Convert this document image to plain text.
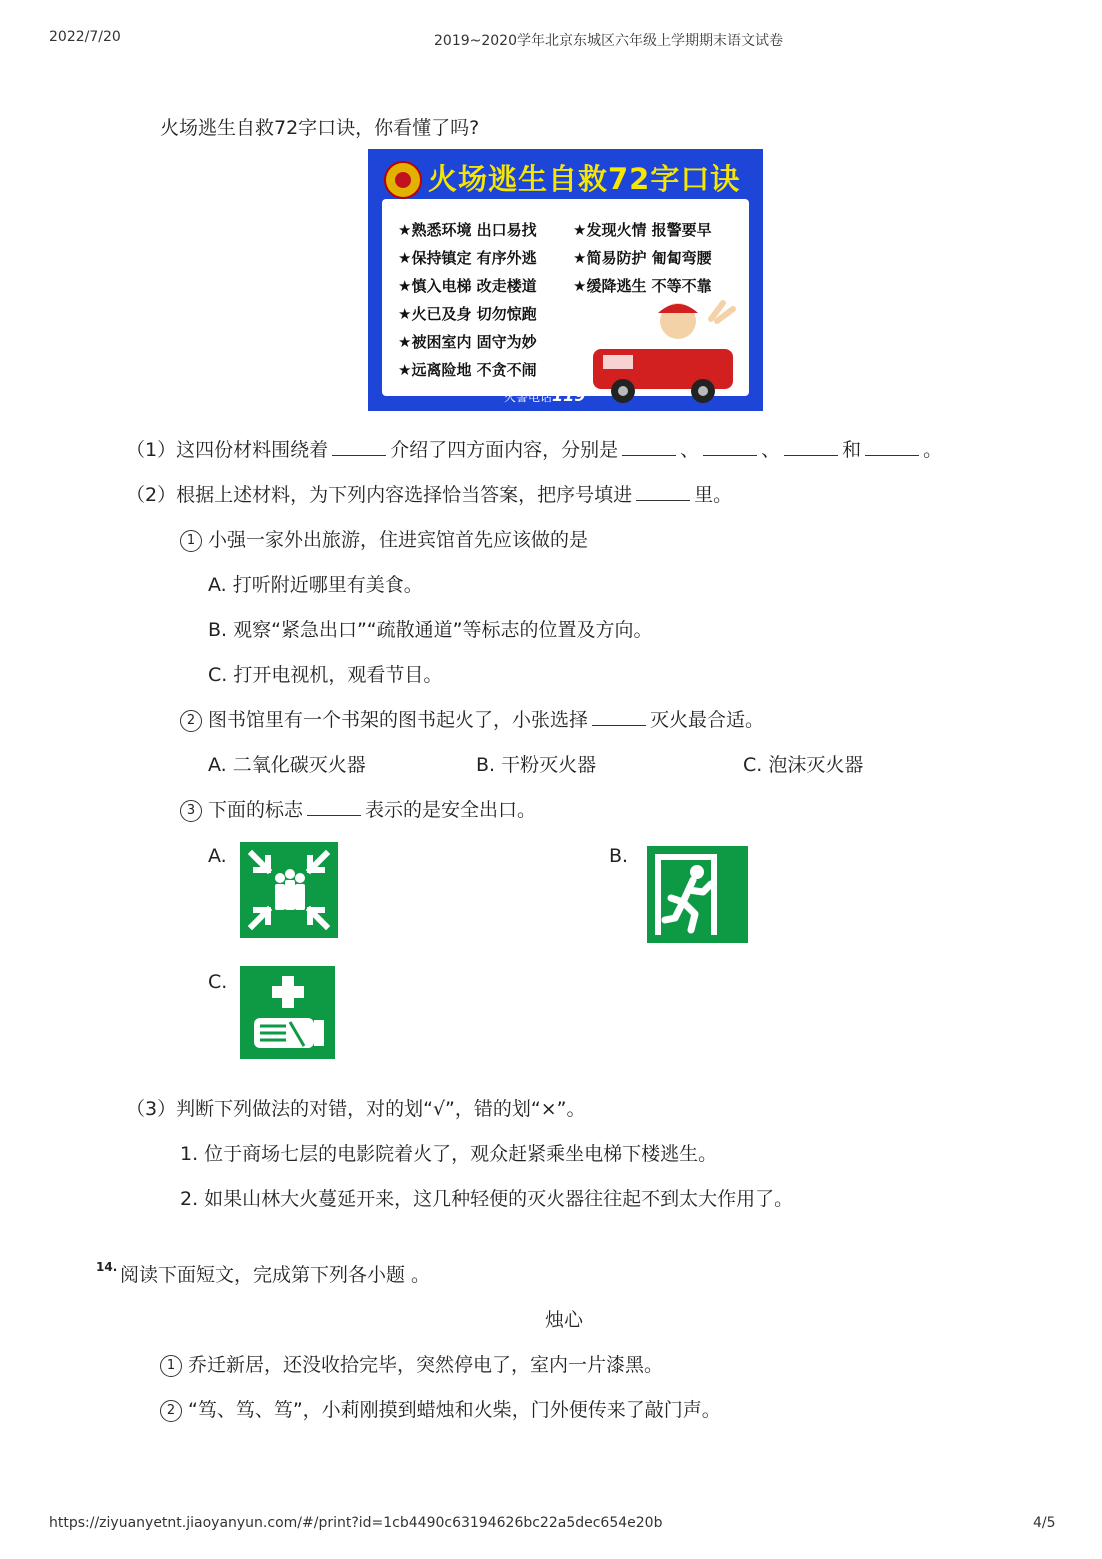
2022/7/20	2019~2020学年北京东城区六年级上学期期末语文试卷
火场逃生自救72字口诀，你看懂了吗?
火场逃生自救72字口诀
★熟悉环境 出口易找
★保持镇定 有序外逃
★慎入电梯 改走楼道
★火已及身 切勿惊跑
★被困室内 固守为妙
★远离险地 不贪不闹
★发现火情 报警要早
★简易防护 匍匐弯腰
★缓降逃生 不等不靠
火警电话119
（1）这四份材料围绕着	介绍了四方面内容，分别是	、	、	和	。
（2）根据上述材料，为下列内容选择恰当答案，把序号填进	里。
1 小强一家外出旅游，住进宾馆首先应该做的是
A. 打听附近哪里有美食。
B. 观察“紧急出口”“疏散通道”等标志的位置及方向。
C. 打开电视机，观看节目。
2 图书馆里有一个书架的图书起火了，小张选择	灭火最合适。
A. 二氧化碳灭火器	B. 干粉灭火器	C. 泡沫灭火器
3 下面的标志	表示的是安全出口。
A.	B.
C.
（3）判断下列做法的对错，对的划“√”，错的划“×”。
1. 位于商场七层的电影院着火了，观众赶紧乘坐电梯下楼逃生。
2. 如果山林大火蔓延开来，这几种轻便的灭火器往往起不到太大作用了。
14. 阅读下面短文，完成第下列各小题 。
烛心
1 乔迁新居，还没收拾完毕，突然停电了，室内一片漆黑。
2 “笃、笃、笃”，小莉刚摸到蜡烛和火柴，门外便传来了敲门声。
https://ziyuanyetnt.jiaoyanyun.com/#/print?id=1cb4490c63194626bc22a5dec654e20b	4/5
